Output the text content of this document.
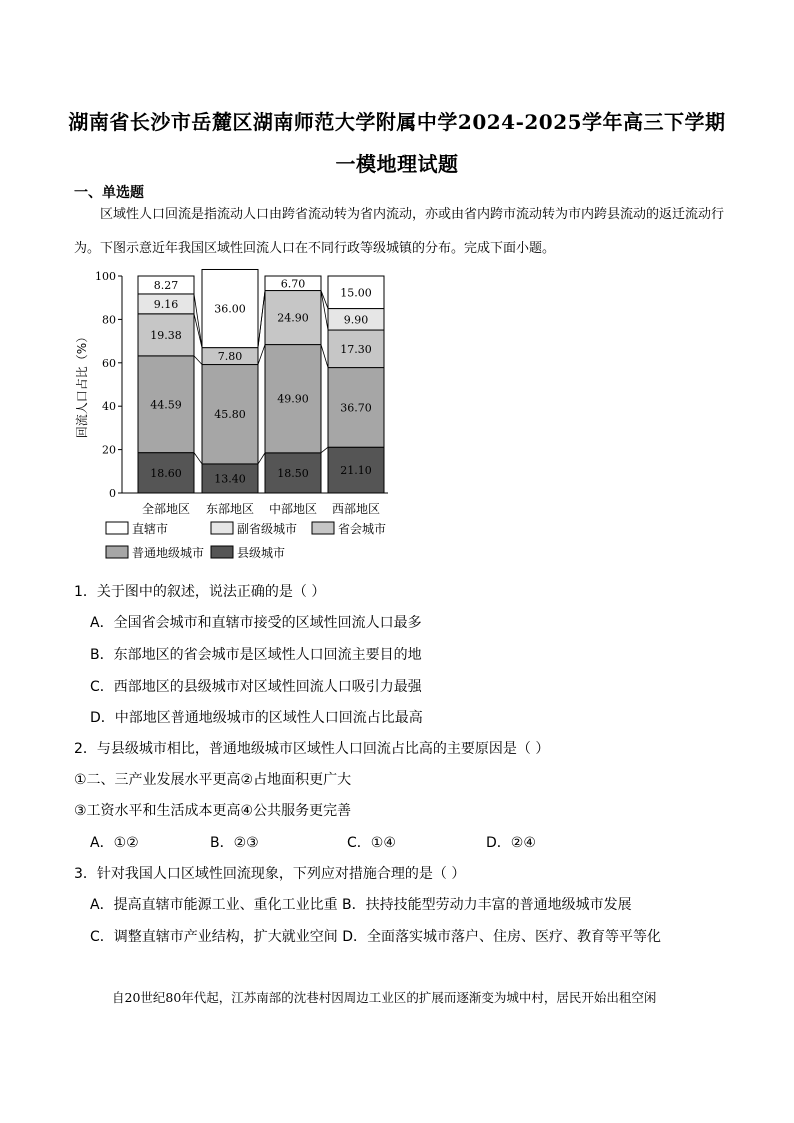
湖南省长沙市岳麓区湖南师范大学附属中学2024-2025学年高三下学期
一模地理试题
一、单选题
区域性人口回流是指流动人口由跨省流动转为省内流动，亦或由省内跨市流动转为市内跨县流动的返迁流动行为。下图示意近年我国区域性回流人口在不同行政等级城镇的分布。完成下面小题。
0
20
40
60
80
100
回流人口占比（%）
18.60
44.59
19.38
9.16
8.27
全部地区
13.40
45.80
7.80
36.00
东部地区
18.50
49.90
24.90
6.70
中部地区
21.10
36.70
17.30
9.90
15.00
西部地区
直辖市	副省级城市	省会城市
普通地级城市	县级城市
1．关于图中的叙述，说法正确的是（ ）
A．全国省会城市和直辖市接受的区域性回流人口最多
B．东部地区的省会城市是区域性人口回流主要目的地
C．西部地区的县级城市对区域性回流人口吸引力最强
D．中部地区普通地级城市的区域性人口回流占比最高
2．与县级城市相比，普通地级城市区域性人口回流占比高的主要原因是（ ）
①二、三产业发展水平更高②占地面积更广大
③工资水平和生活成本更高④公共服务更完善
A．①②	B．②③	C．①④	D．②④
3．针对我国人口区域性回流现象，下列应对措施合理的是（ ）
A．提高直辖市能源工业、重化工业比重 B．扶持技能型劳动力丰富的普通地级城市发展
C．调整直辖市产业结构，扩大就业空间 D．全面落实城市落户、住房、医疗、教育等平等化
自20世纪80年代起，江苏南部的沈巷村因周边工业区的扩展而逐渐变为城中村，居民开始出租空闲
